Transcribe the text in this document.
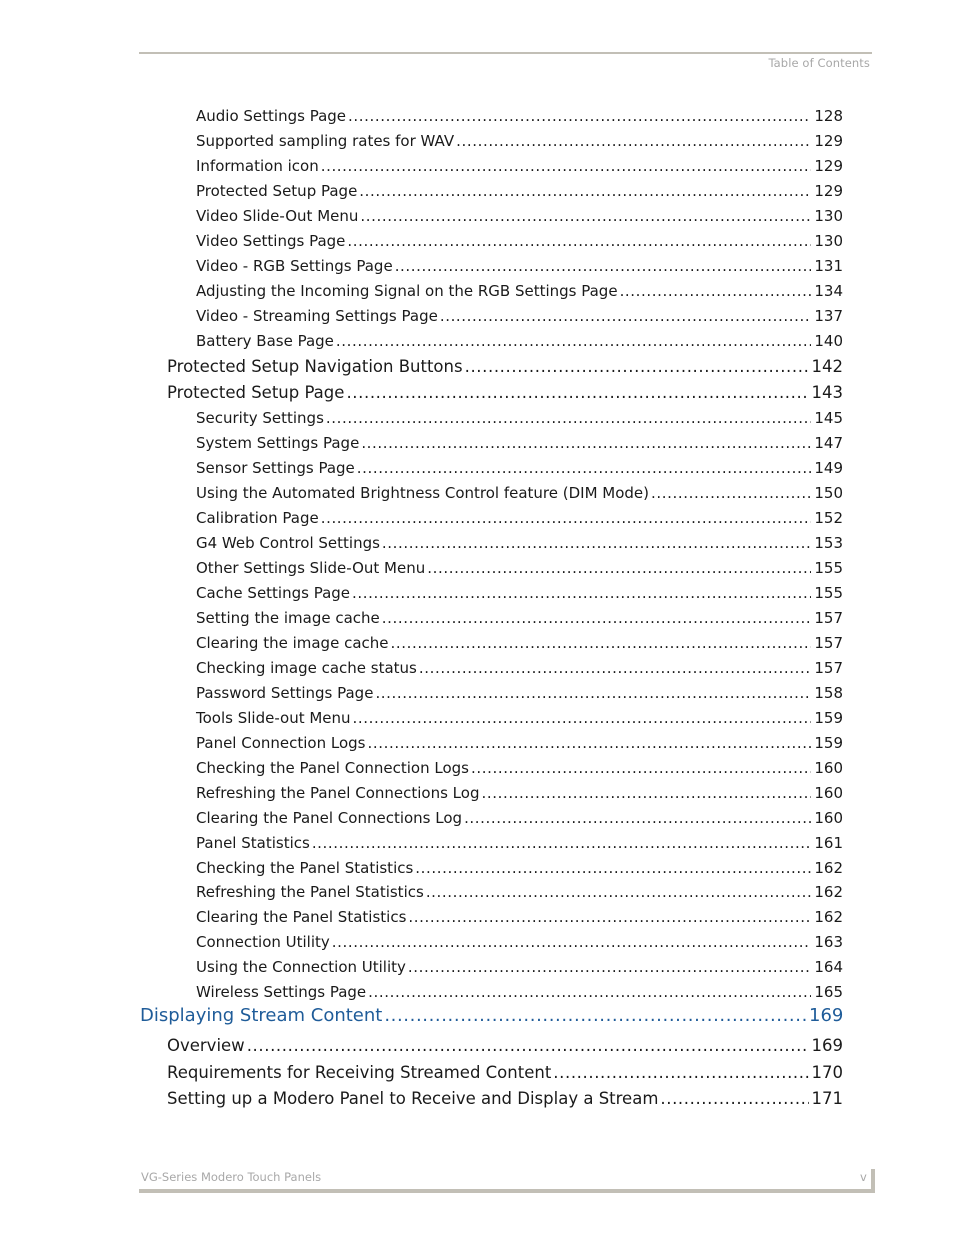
Table of Contents
Audio Settings Page .....	128
Supported sampling rates for WAV .....	129
Information icon .....	129
Protected Setup Page .....	129
Video Slide-Out Menu .....	130
Video Settings Page .....	130
Video - RGB Settings Page .....	131
Adjusting the Incoming Signal on the RGB Settings Page .....	134
Video - Streaming Settings Page .....	137
Battery Base Page .....	140
Protected Setup Navigation Buttons .....	142
Protected Setup Page .....	143
Security Settings .....	145
System Settings Page .....	147
Sensor Settings Page .....	149
Using the Automated Brightness Control feature (DIM Mode) .....	150
Calibration Page .....	152
G4 Web Control Settings .....	153
Other Settings Slide-Out Menu .....	155
Cache Settings Page .....	155
Setting the image cache .....	157
Clearing the image cache .....	157
Checking image cache status .....	157
Password Settings Page .....	158
Tools Slide-out Menu .....	159
Panel Connection Logs .....	159
Checking the Panel Connection Logs .....	160
Refreshing the Panel Connections Log .....	160
Clearing the Panel Connections Log .....	160
Panel Statistics .....	161
Checking the Panel Statistics .....	162
Refreshing the Panel Statistics .....	162
Clearing the Panel Statistics .....	162
Connection Utility .....	163
Using the Connection Utility .....	164
Wireless Settings Page .....	165
Displaying Stream Content .....	169
Overview .....	169
Requirements for Receiving Streamed Content .....	170
Setting up a Modero Panel to Receive and Display a Stream .....	171
VG-Series Modero Touch Panels	v
